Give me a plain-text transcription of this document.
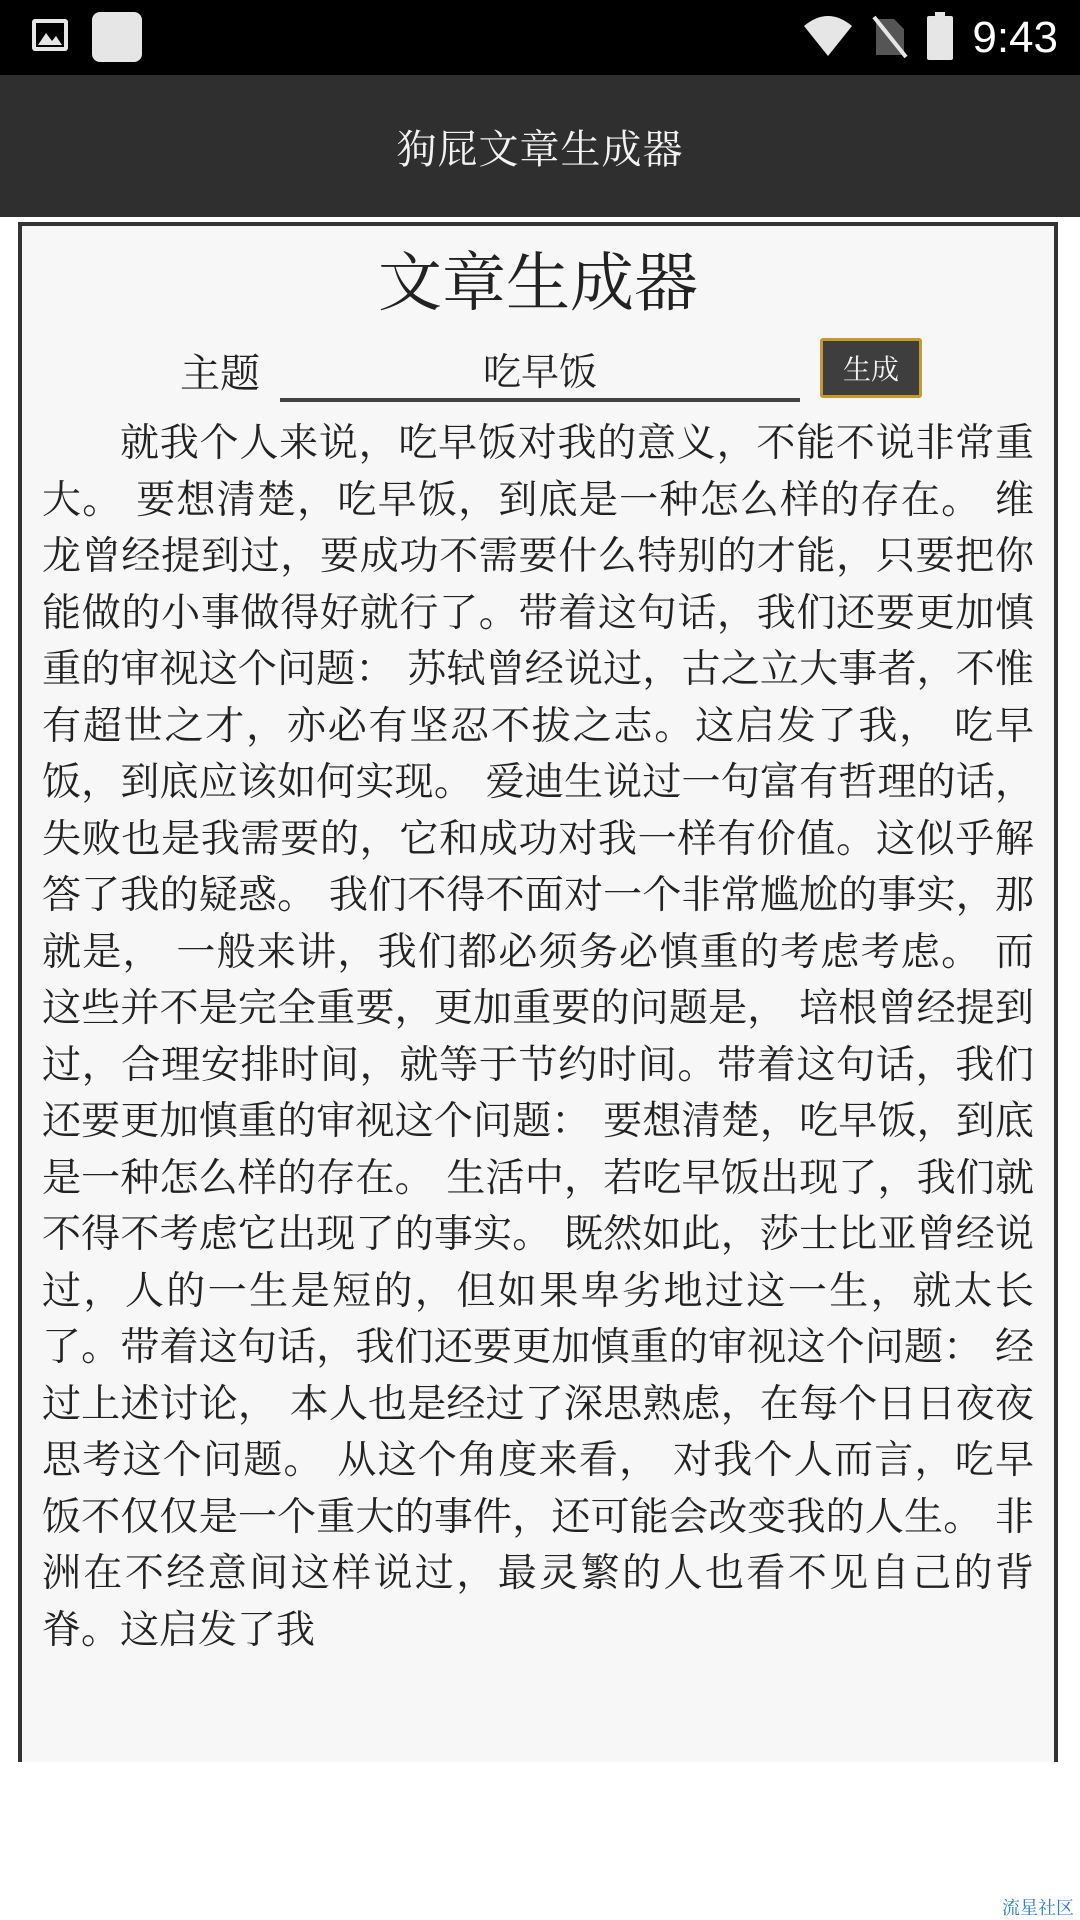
9:43
狗屁文章生成器
文章生成器
主题
吃早饭	生成

就我个人来说，吃早饭对我的意义，不能不说非常重大。 要想清楚，吃早饭，到底是一种怎么样的存在。 维龙曾经提到过，要成功不需要什么特别的才能，只要把你能做的小事做得好就行了。带着这句话，我们还要更加慎重的审视这个问题： 苏轼曾经说过，古之立大事者，不惟有超世之才，亦必有坚忍不拔之志。这启发了我， 吃早饭，到底应该如何实现。 爱迪生说过一句富有哲理的话，失败也是我需要的，它和成功对我一样有价值。这似乎解答了我的疑惑。 我们不得不面对一个非常尴尬的事实，那就是， 一般来讲，我们都必须务必慎重的考虑考虑。 而这些并不是完全重要，更加重要的问题是， 培根曾经提到过，合理安排时间，就等于节约时间。带着这句话，我们还要更加慎重的审视这个问题： 要想清楚，吃早饭，到底是一种怎么样的存在。 生活中，若吃早饭出现了，我们就不得不考虑它出现了的事实。 既然如此，莎士比亚曾经说过，人的一生是短的，但如果卑劣地过这一生，就太长了。带着这句话，我们还要更加慎重的审视这个问题： 经过上述讨论， 本人也是经过了深思熟虑，在每个日日夜夜思考这个问题。 从这个角度来看， 对我个人而言，吃早饭不仅仅是一个重大的事件，还可能会改变我的人生。 非洲在不经意间这样说过，最灵繁的人也看不见自己的背脊。这启发了我

流星社区
